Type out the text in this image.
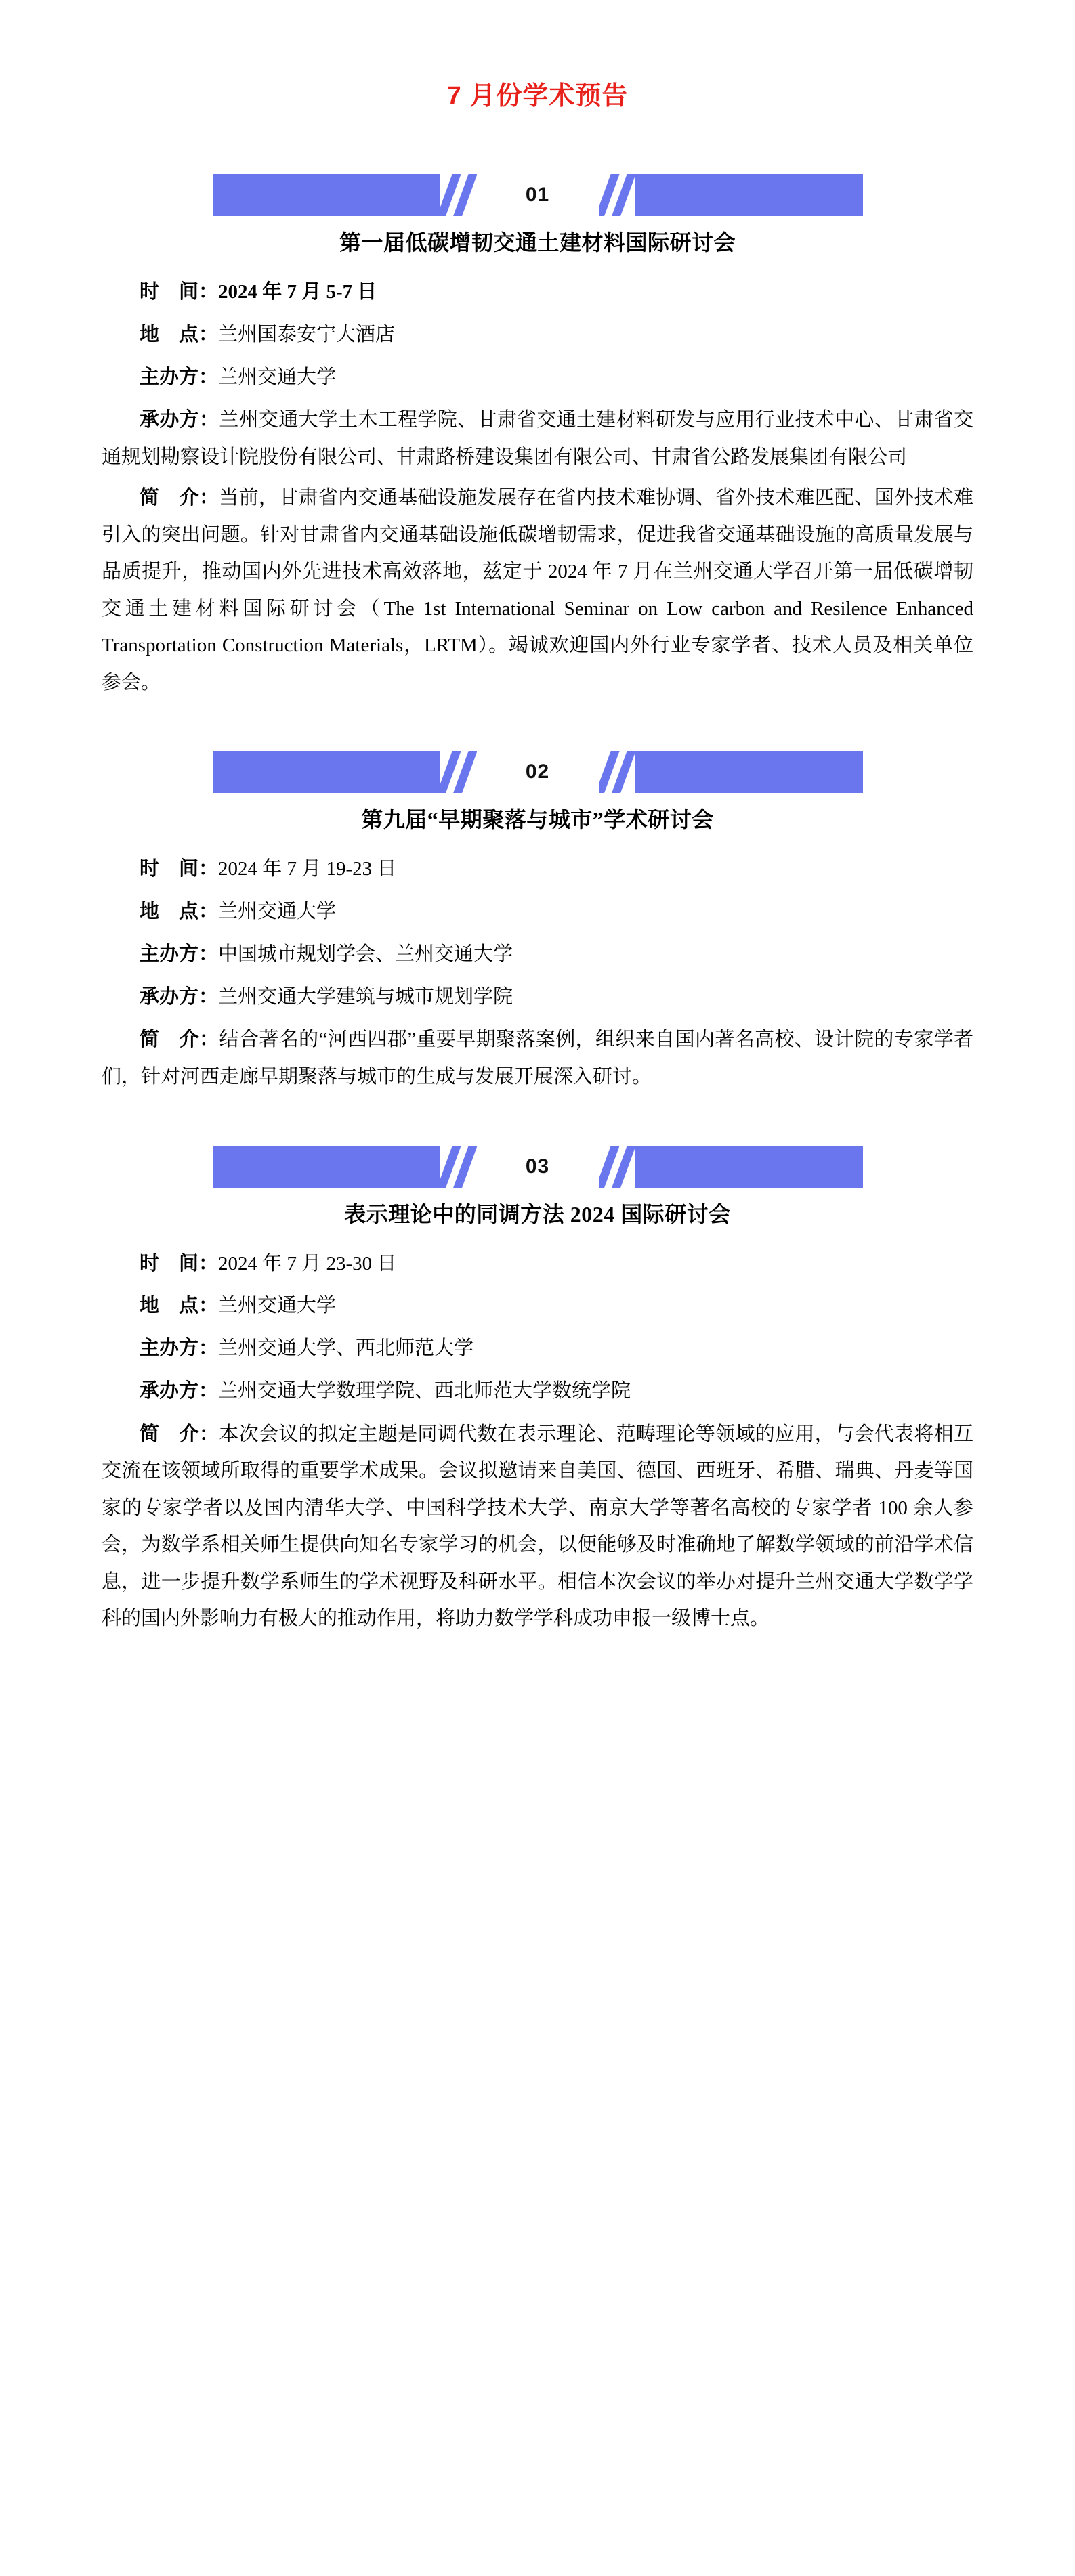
7 月份学术预告
01
第一届低碳增韧交通土建材料国际研讨会
时　间：2024 年 7 月 5-7 日
地　点：兰州国泰安宁大酒店
主办方：兰州交通大学
承办方：兰州交通大学土木工程学院、甘肃省交通土建材料研发与应用行业技术中心、甘肃省交通规划勘察设计院股份有限公司、甘肃路桥建设集团有限公司、甘肃省公路发展集团有限公司
简　介：当前，甘肃省内交通基础设施发展存在省内技术难协调、省外技术难匹配、国外技术难引入的突出问题。针对甘肃省内交通基础设施低碳增韧需求，促进我省交通基础设施的高质量发展与品质提升，推动国内外先进技术高效落地，兹定于 2024 年 7 月在兰州交通大学召开第一届低碳增韧交通土建材料国际研讨会（The 1st International Seminar on Low carbon and Resilence Enhanced Transportation Construction Materials，LRTM）。竭诚欢迎国内外行业专家学者、技术人员及相关单位参会。
02
第九届“早期聚落与城市”学术研讨会
时　间：2024 年 7 月 19-23 日
地　点：兰州交通大学
主办方：中国城市规划学会、兰州交通大学
承办方：兰州交通大学建筑与城市规划学院
简　介：结合著名的“河西四郡”重要早期聚落案例，组织来自国内著名高校、设计院的专家学者们，针对河西走廊早期聚落与城市的生成与发展开展深入研讨。
03
表示理论中的同调方法 2024 国际研讨会
时　间：2024 年 7 月 23-30 日
地　点：兰州交通大学
主办方：兰州交通大学、西北师范大学
承办方：兰州交通大学数理学院、西北师范大学数统学院
简　介：本次会议的拟定主题是同调代数在表示理论、范畴理论等领域的应用，与会代表将相互交流在该领域所取得的重要学术成果。会议拟邀请来自美国、德国、西班牙、希腊、瑞典、丹麦等国家的专家学者以及国内清华大学、中国科学技术大学、南京大学等著名高校的专家学者 100 余人参会，为数学系相关师生提供向知名专家学习的机会，以便能够及时准确地了解数学领域的前沿学术信息，进一步提升数学系师生的学术视野及科研水平。相信本次会议的举办对提升兰州交通大学数学学科的国内外影响力有极大的推动作用，将助力数学学科成功申报一级博士点。
